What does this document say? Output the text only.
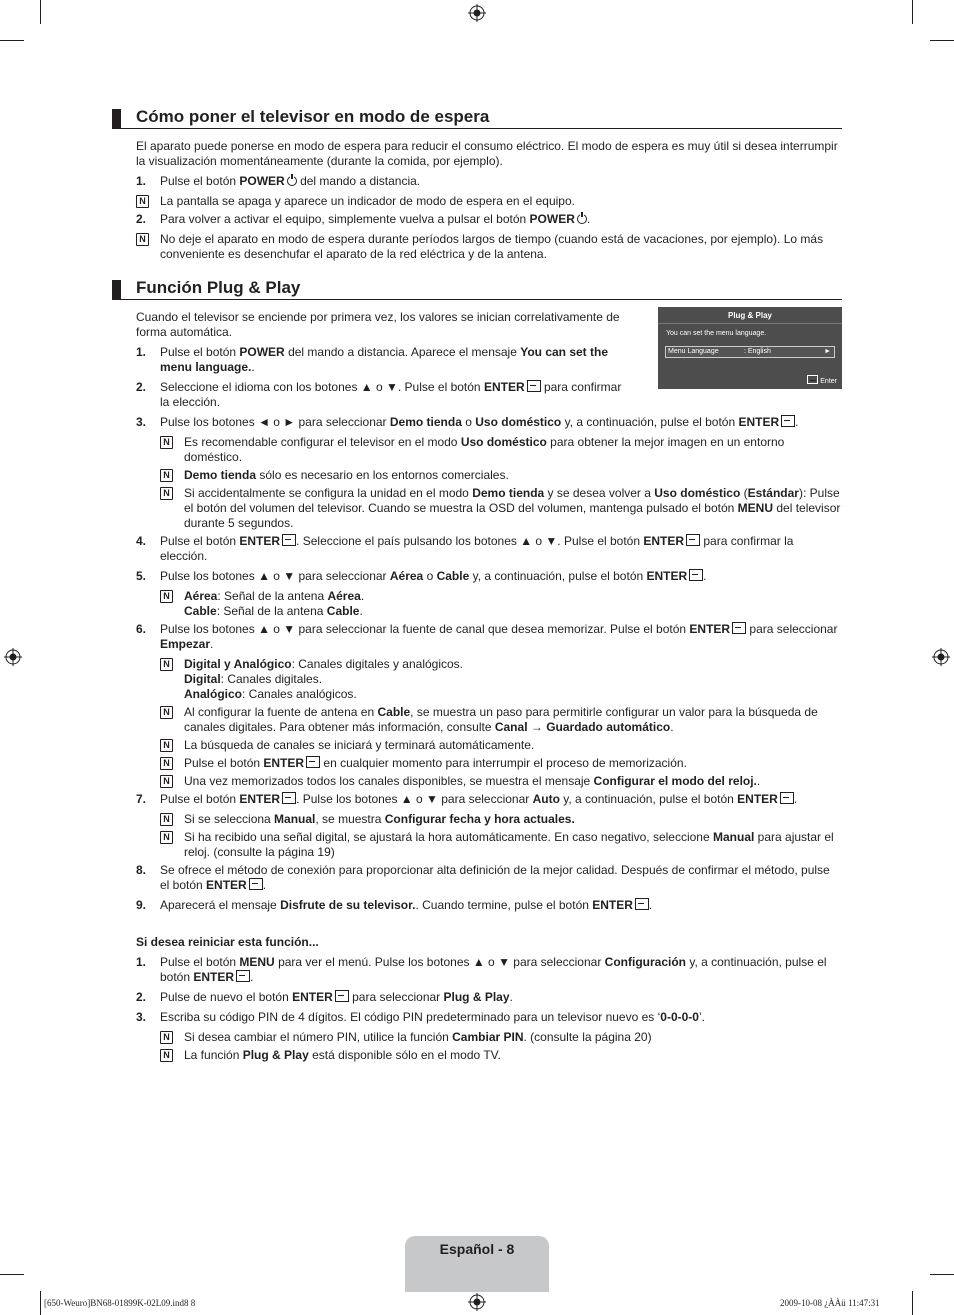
Cómo poner el televisor en modo de espera

El aparato puede ponerse en modo de espera para reducir el consumo eléctrico. El modo de espera es muy útil si desea interrumpir la visualización momentáneamente (durante la comida, por ejemplo).

1. Pulse el botón POWER del mando a distancia.
N La pantalla se apaga y aparece un indicador de modo de espera en el equipo.
2. Para volver a activar el equipo, simplemente vuelva a pulsar el botón POWER .
N No deje el aparato en modo de espera durante períodos largos de tiempo (cuando está de vacaciones, por ejemplo). Lo más conveniente es desenchufar el aparato de la red eléctrica y de la antena.
Función Plug & Play

Cuando el televisor se enciende por primera vez, los valores se inician correlativamente de forma automática.

1. Pulse el botón POWER del mando a distancia. Aparece el mensaje You can set the menu language..
2. Seleccione el idioma con los botones ▲ o ▼. Pulse el botón ENTER para confirmar la elección.
3. Pulse los botones ◄ o ► para seleccionar Demo tienda o Uso doméstico y, a continuación, pulse el botón ENTER .
N Es recomendable configurar el televisor en el modo Uso doméstico para obtener la mejor imagen en un entorno doméstico.
N Demo tienda sólo es necesario en los entornos comerciales.
N Si accidentalmente se configura la unidad en el modo Demo tienda y se desea volver a Uso doméstico (Estándar): Pulse el botón del volumen del televisor. Cuando se muestra la OSD del volumen, mantenga pulsado el botón MENU del televisor durante 5 segundos.
4. Pulse el botón ENTER . Seleccione el país pulsando los botones ▲ o ▼. Pulse el botón ENTER para confirmar la elección.
5. Pulse los botones ▲ o ▼ para seleccionar Aérea o Cable y, a continuación, pulse el botón ENTER .
N Aérea: Señal de la antena Aérea.
Cable: Señal de la antena Cable.
6. Pulse los botones ▲ o ▼ para seleccionar la fuente de canal que desea memorizar. Pulse el botón ENTER para seleccionar Empezar.
N Digital y Analógico: Canales digitales y analógicos.
Digital: Canales digitales.
Analógico: Canales analógicos.
N Al configurar la fuente de antena en Cable, se muestra un paso para permitirle configurar un valor para la búsqueda de canales digitales. Para obtener más información, consulte Canal → Guardado automático.
N La búsqueda de canales se iniciará y terminará automáticamente.
N Pulse el botón ENTER en cualquier momento para interrumpir el proceso de memorización.
N Una vez memorizados todos los canales disponibles, se muestra el mensaje Configurar el modo del reloj..
7. Pulse el botón ENTER . Pulse los botones ▲ o ▼ para seleccionar Auto y, a continuación, pulse el botón ENTER .
N Si se selecciona Manual, se muestra Configurar fecha y hora actuales.
N Si ha recibido una señal digital, se ajustará la hora automáticamente. En caso negativo, seleccione Manual para ajustar el reloj. (consulte la página 19)
8. Se ofrece el método de conexión para proporcionar alta definición de la mejor calidad. Después de confirmar el método, pulse el botón ENTER .
9. Aparecerá el mensaje Disfrute de su televisor.. Cuando termine, pulse el botón ENTER .

Si desea reiniciar esta función...

1. Pulse el botón MENU para ver el menú. Pulse los botones ▲ o ▼ para seleccionar Configuración y, a continuación, pulse el botón ENTER .
2. Pulse de nuevo el botón ENTER para seleccionar Plug & Play.
3. Escriba su código PIN de 4 dígitos. El código PIN predeterminado para un televisor nuevo es ‘0-0-0-0’.
N Si desea cambiar el número PIN, utilice la función Cambiar PIN. (consulte la página 20)
N La función Plug & Play está disponible sólo en el modo TV.
Plug & Play
You can set the menu language.
Menu Language	: English	►
Enter
Español - 8
[650-Weuro]BN68-01899K-02L09.ind8 8	2009-10-08 ¿ÀÀü 11:47:31
